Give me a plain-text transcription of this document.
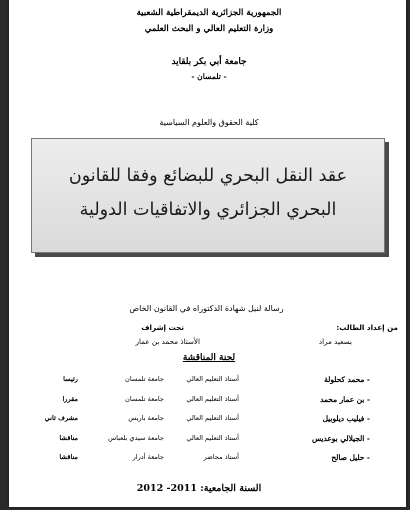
الجمهورية الجزائرية الديمقراطية الشعبية
وزارة التعليم العالي و البحث العلمي
جامعة أبي بكر بلقايد
- تلمسان -
كلية الحقوق والعلوم السياسية
عقد النقل البحري للبضائع وفقا للقانون
البحري الجزائري والاتفاقيات الدولية
رسالة لنيل شهادة الدكتوراه في القانون الخاص
من إعداد الطالب:
تحت إشراف
بسعيد مراد
الأستاذ محمد بن عمار
لجنة المناقشة
- محمد كحلولة
أستاذ التعليم العالي
جامعة تلمسان
رئيسا
- بن عمار محمد
أستاذ التعليم العالي
جامعة تلمسان
مقررا
- فيليب ديلوبيل
أستاذ التعليم العالي
جامعة باريس
مشرف ثاني
- الجيلالي بوعديس
أستاذ التعليم العالي
جامعة سيدي بلعباس
مناقشا
- حليل صالح
أستاذ محاضر
جامعة أدرار
مناقشا
السنة الجامعية: 2011- 2012
